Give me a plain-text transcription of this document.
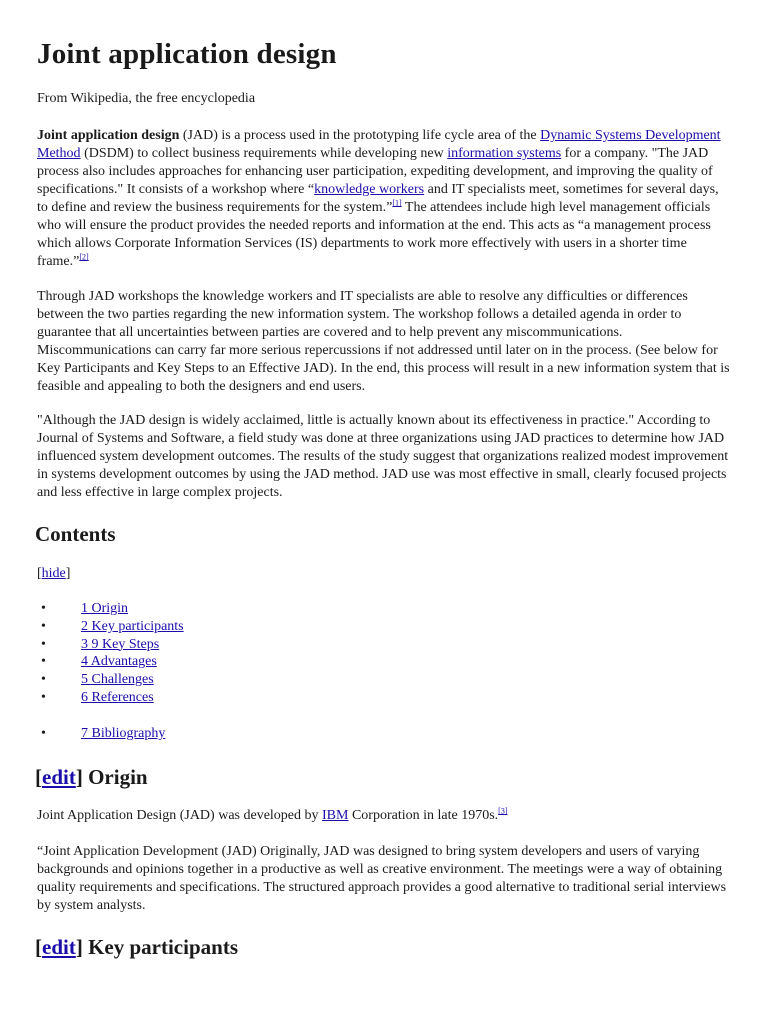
Joint application design
From Wikipedia, the free encyclopedia

Joint application design (JAD) is a process used in the prototyping life cycle area of the Dynamic Systems Development Method (DSDM) to collect business requirements while developing new information systems for a company. "The JAD process also includes approaches for enhancing user participation, expediting development, and improving the quality of specifications." It consists of a workshop where “knowledge workers and IT specialists meet, sometimes for several days, to define and review the business requirements for the system.”[1] The attendees include high level management officials who will ensure the product provides the needed reports and information at the end. This acts as “a management process which allows Corporate Information Services (IS) departments to work more effectively with users in a shorter time frame.”[2]

Through JAD workshops the knowledge workers and IT specialists are able to resolve any difficulties or differences between the two parties regarding the new information system. The workshop follows a detailed agenda in order to guarantee that all uncertainties between parties are covered and to help prevent any miscommunications. Miscommunications can carry far more serious repercussions if not addressed until later on in the process. (See below for Key Participants and Key Steps to an Effective JAD). In the end, this process will result in a new information system that is feasible and appealing to both the designers and end users.

"Although the JAD design is widely acclaimed, little is actually known about its effectiveness in practice." According to Journal of Systems and Software, a field study was done at three organizations using JAD practices to determine how JAD influenced system development outcomes. The results of the study suggest that organizations realized modest improvement in systems development outcomes by using the JAD method. JAD use was most effective in small, clearly focused projects and less effective in large complex projects.

Contents
[hide]
•	1 Origin
•	2 Key participants
•	3 9 Key Steps
•	4 Advantages
•	5 Challenges
•	6 References
•	7 Bibliography
[edit] Origin

Joint Application Design (JAD) was developed by IBM Corporation in late 1970s.[3]

“Joint Application Development (JAD) Originally, JAD was designed to bring system developers and users of varying backgrounds and opinions together in a productive as well as creative environment. The meetings were a way of obtaining quality requirements and specifications. The structured approach provides a good alternative to traditional serial interviews by system analysts.

[edit] Key participants
